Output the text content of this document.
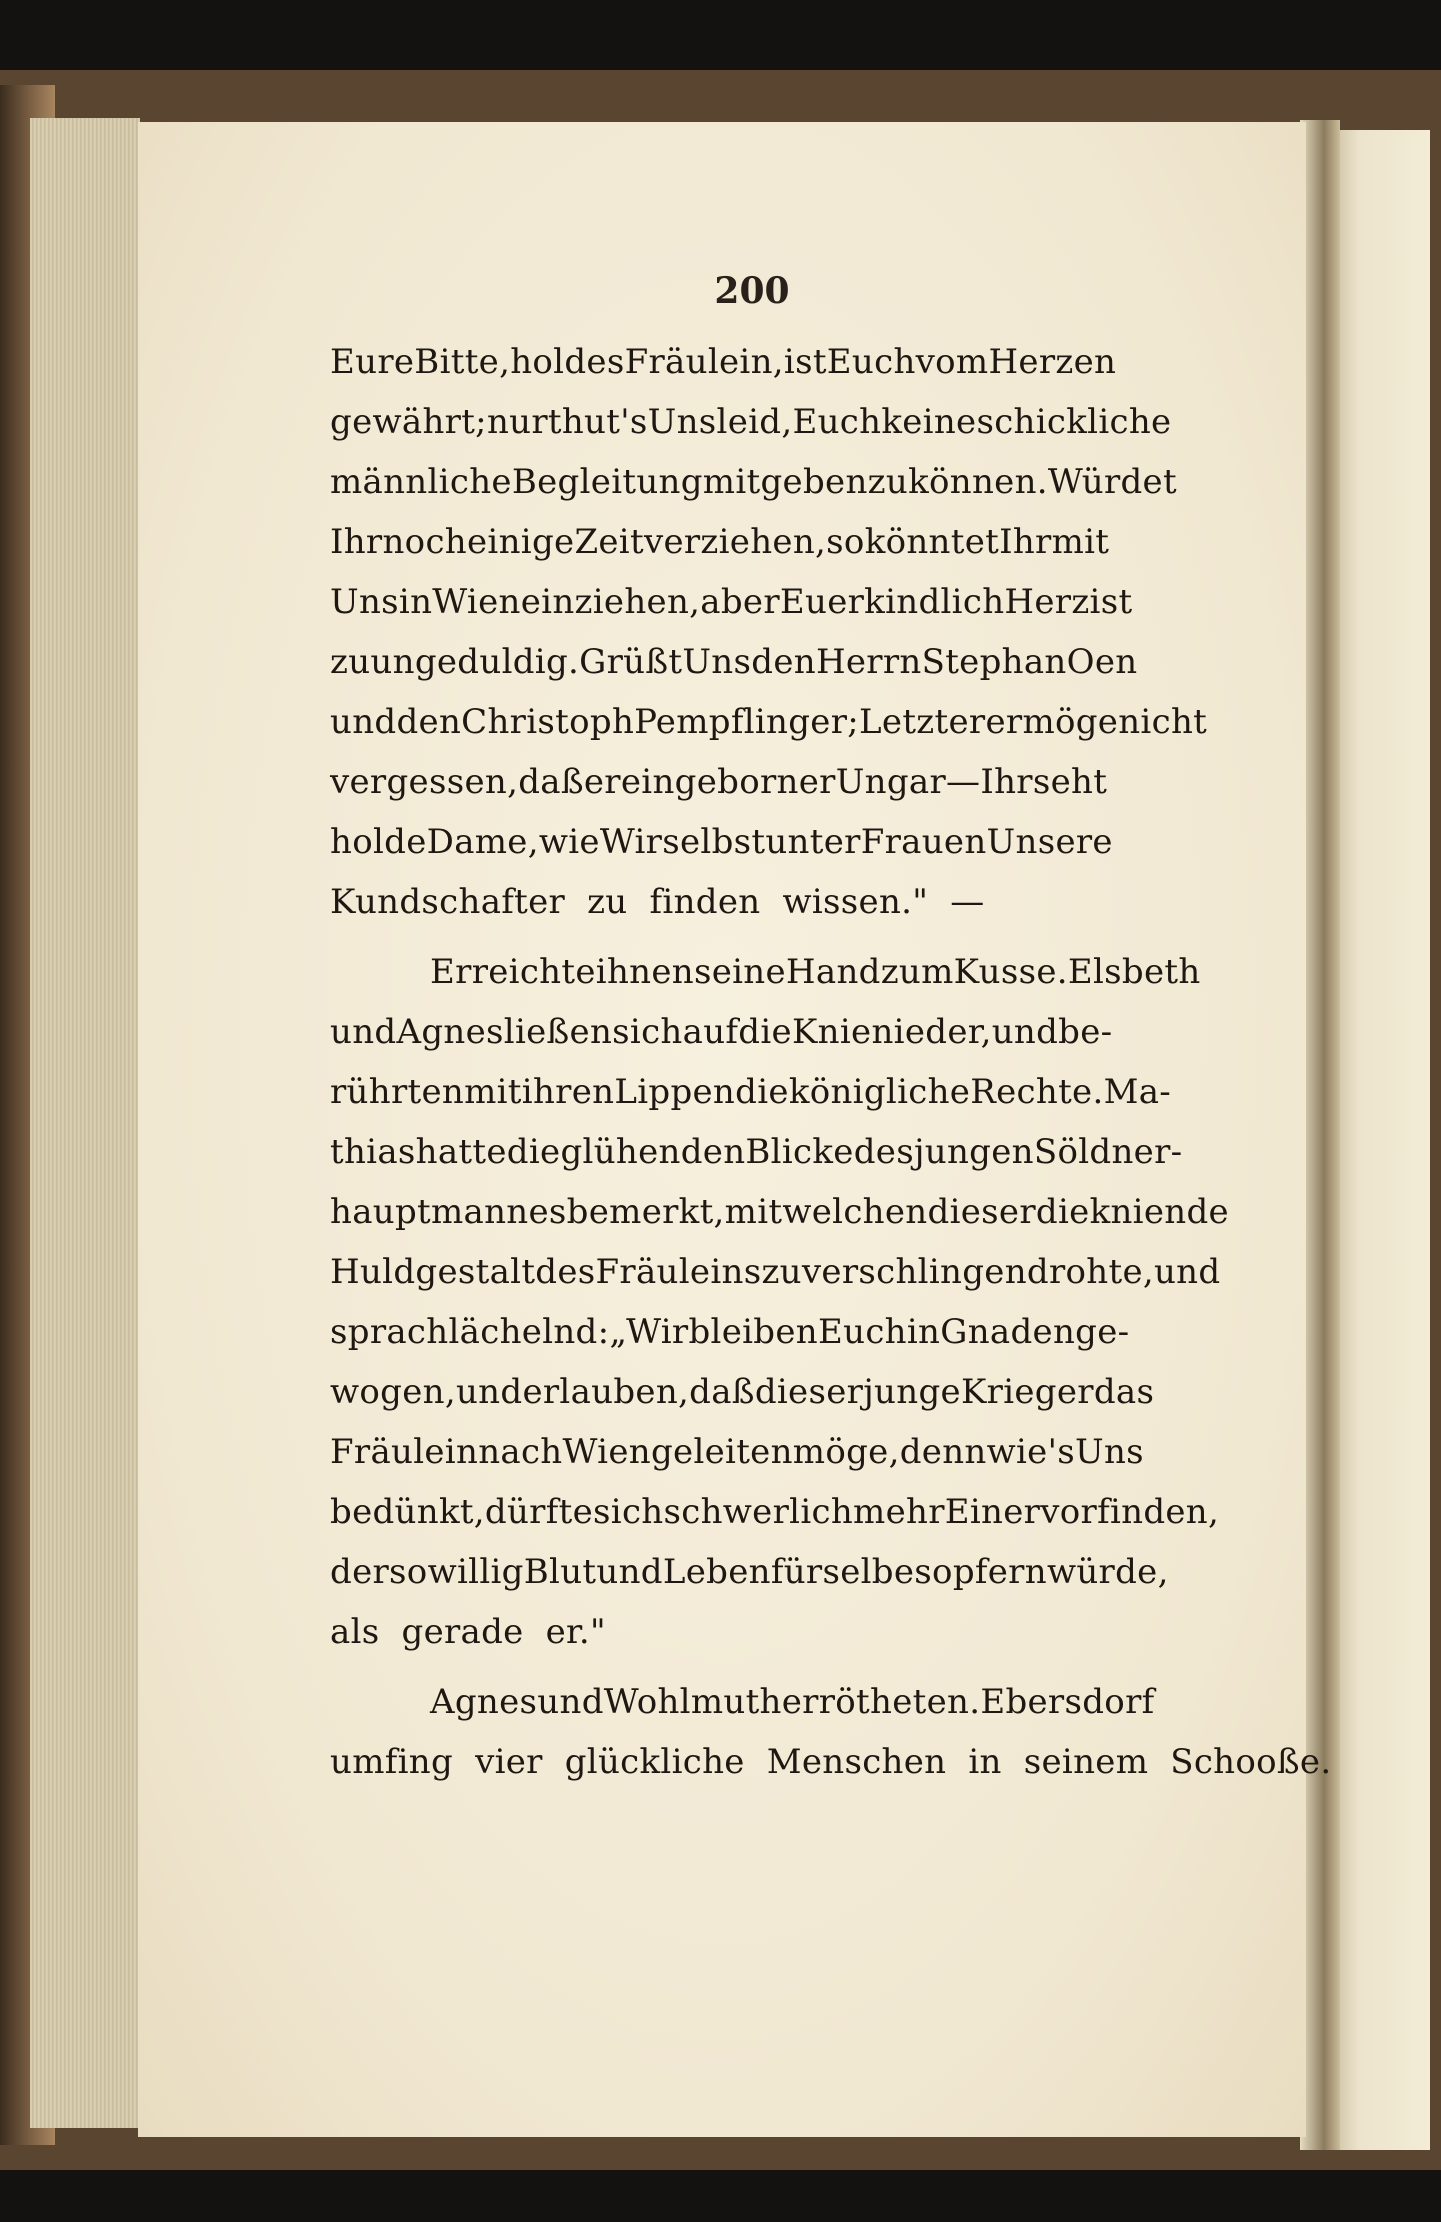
200
Eure Bitte, holdes Fräulein, ist Euch vom Herzen
gewährt; nur thut's Uns leid, Euch keine schickliche
männliche Begleitung mitgeben zu können. Würdet
Ihr noch einige Zeit verziehen, so könntet Ihr mit
Uns in Wien einziehen, aber Euer kindlich Herz ist
zu ungeduldig. Grüßt Uns den Herrn Stephan Oen
und den Christoph Pempflinger; Letzterer möge nicht
vergessen, daß er ein geborner Ungar — Ihr seht
holde Dame, wie Wir selbst unter Frauen Unsere
Kundschafter zu finden wissen." —
Er reichte ihnen seine Hand zum Kusse. Elsbeth
und Agnes ließen sich auf die Knie nieder, und be-
rührten mit ihren Lippen die königliche Rechte. Ma-
thias hatte die glühenden Blicke des jungen Söldner-
hauptmannes bemerkt, mit welchen dieser die kniende
Huldgestalt des Fräuleins zu verschlingen drohte, und
sprach lächelnd: „Wir bleiben Euch in Gnaden ge-
wogen, und erlauben, daß dieser junge Krieger das
Fräulein nach Wien geleiten möge, denn wie's Uns
bedünkt, dürfte sich schwerlich mehr Einer vorfinden,
der so willig Blut und Leben für selbes opfern würde,
als gerade er."
Agnes und Wohlmuth errötheten. Ebersdorf
umfing vier glückliche Menschen in seinem Schooße.
